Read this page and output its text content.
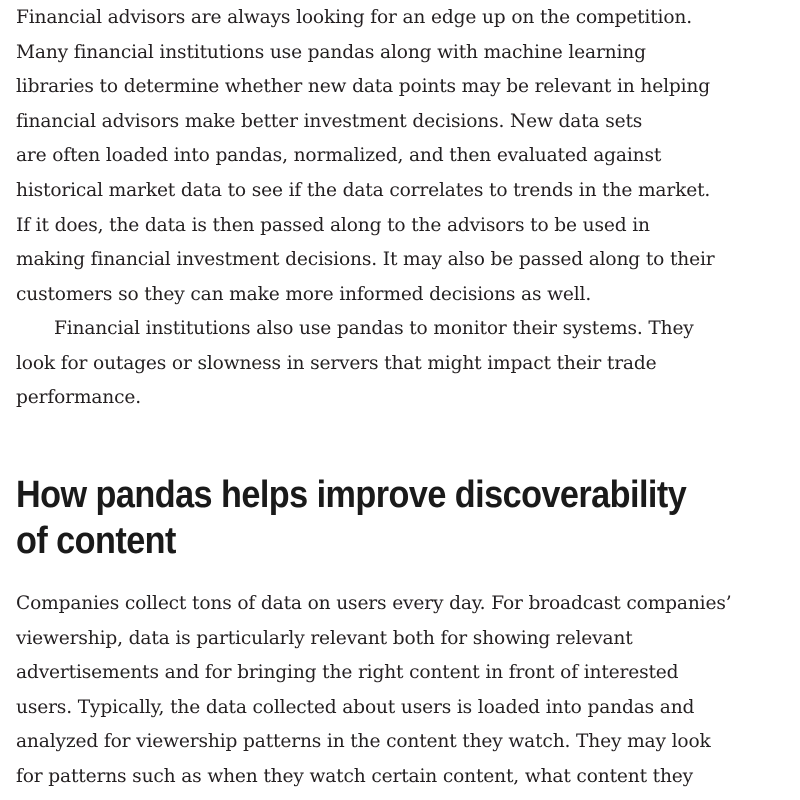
Financial advisors are always looking for an edge up on the competition.
Many financial institutions use pandas along with machine learning
libraries to determine whether new data points may be relevant in helping
financial advisors make better investment decisions. New data sets
are often loaded into pandas, normalized, and then evaluated against
historical market data to see if the data correlates to trends in the market.
If it does, the data is then passed along to the advisors to be used in
making financial investment decisions. It may also be passed along to their
customers so they can make more informed decisions as well.

Financial institutions also use pandas to monitor their systems. They
look for outages or slowness in servers that might impact their trade
performance.

How pandas helps improve discoverability
of content

Companies collect tons of data on users every day. For broadcast companies’
viewership, data is particularly relevant both for showing relevant
advertisements and for bringing the right content in front of interested
users. Typically, the data collected about users is loaded into pandas and
analyzed for viewership patterns in the content they watch. They may look
for patterns such as when they watch certain content, what content they
